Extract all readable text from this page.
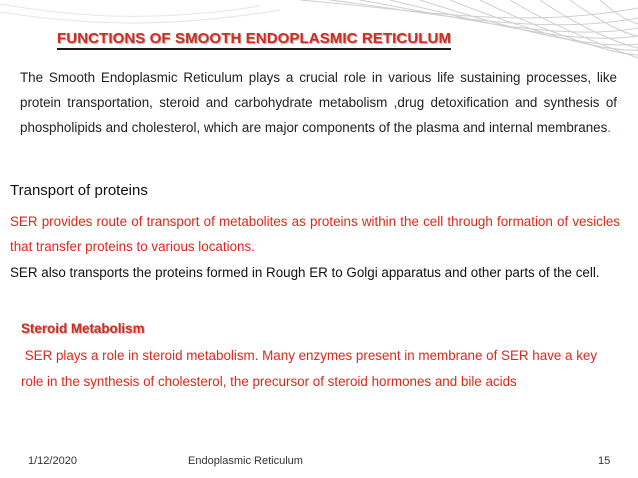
FUNCTIONS OF SMOOTH ENDOPLASMIC RETICULUM

The Smooth Endoplasmic Reticulum plays a crucial role in various life sustaining processes, like protein transportation, steroid and carbohydrate metabolism ,drug detoxification and synthesis of phospholipids and cholesterol, which are major components of the plasma and internal membranes.

Transport of proteins

SER provides route of transport of metabolites as proteins within the cell through formation of vesicles that transfer proteins to various locations.

SER also transports the proteins formed in Rough ER to Golgi apparatus and other parts of the cell.

Steroid Metabolism

SER plays a role in steroid metabolism. Many enzymes present in membrane of SER have a key role in the synthesis of cholesterol, the precursor of steroid hormones and bile acids

1/12/2020	Endoplasmic Reticulum	15
